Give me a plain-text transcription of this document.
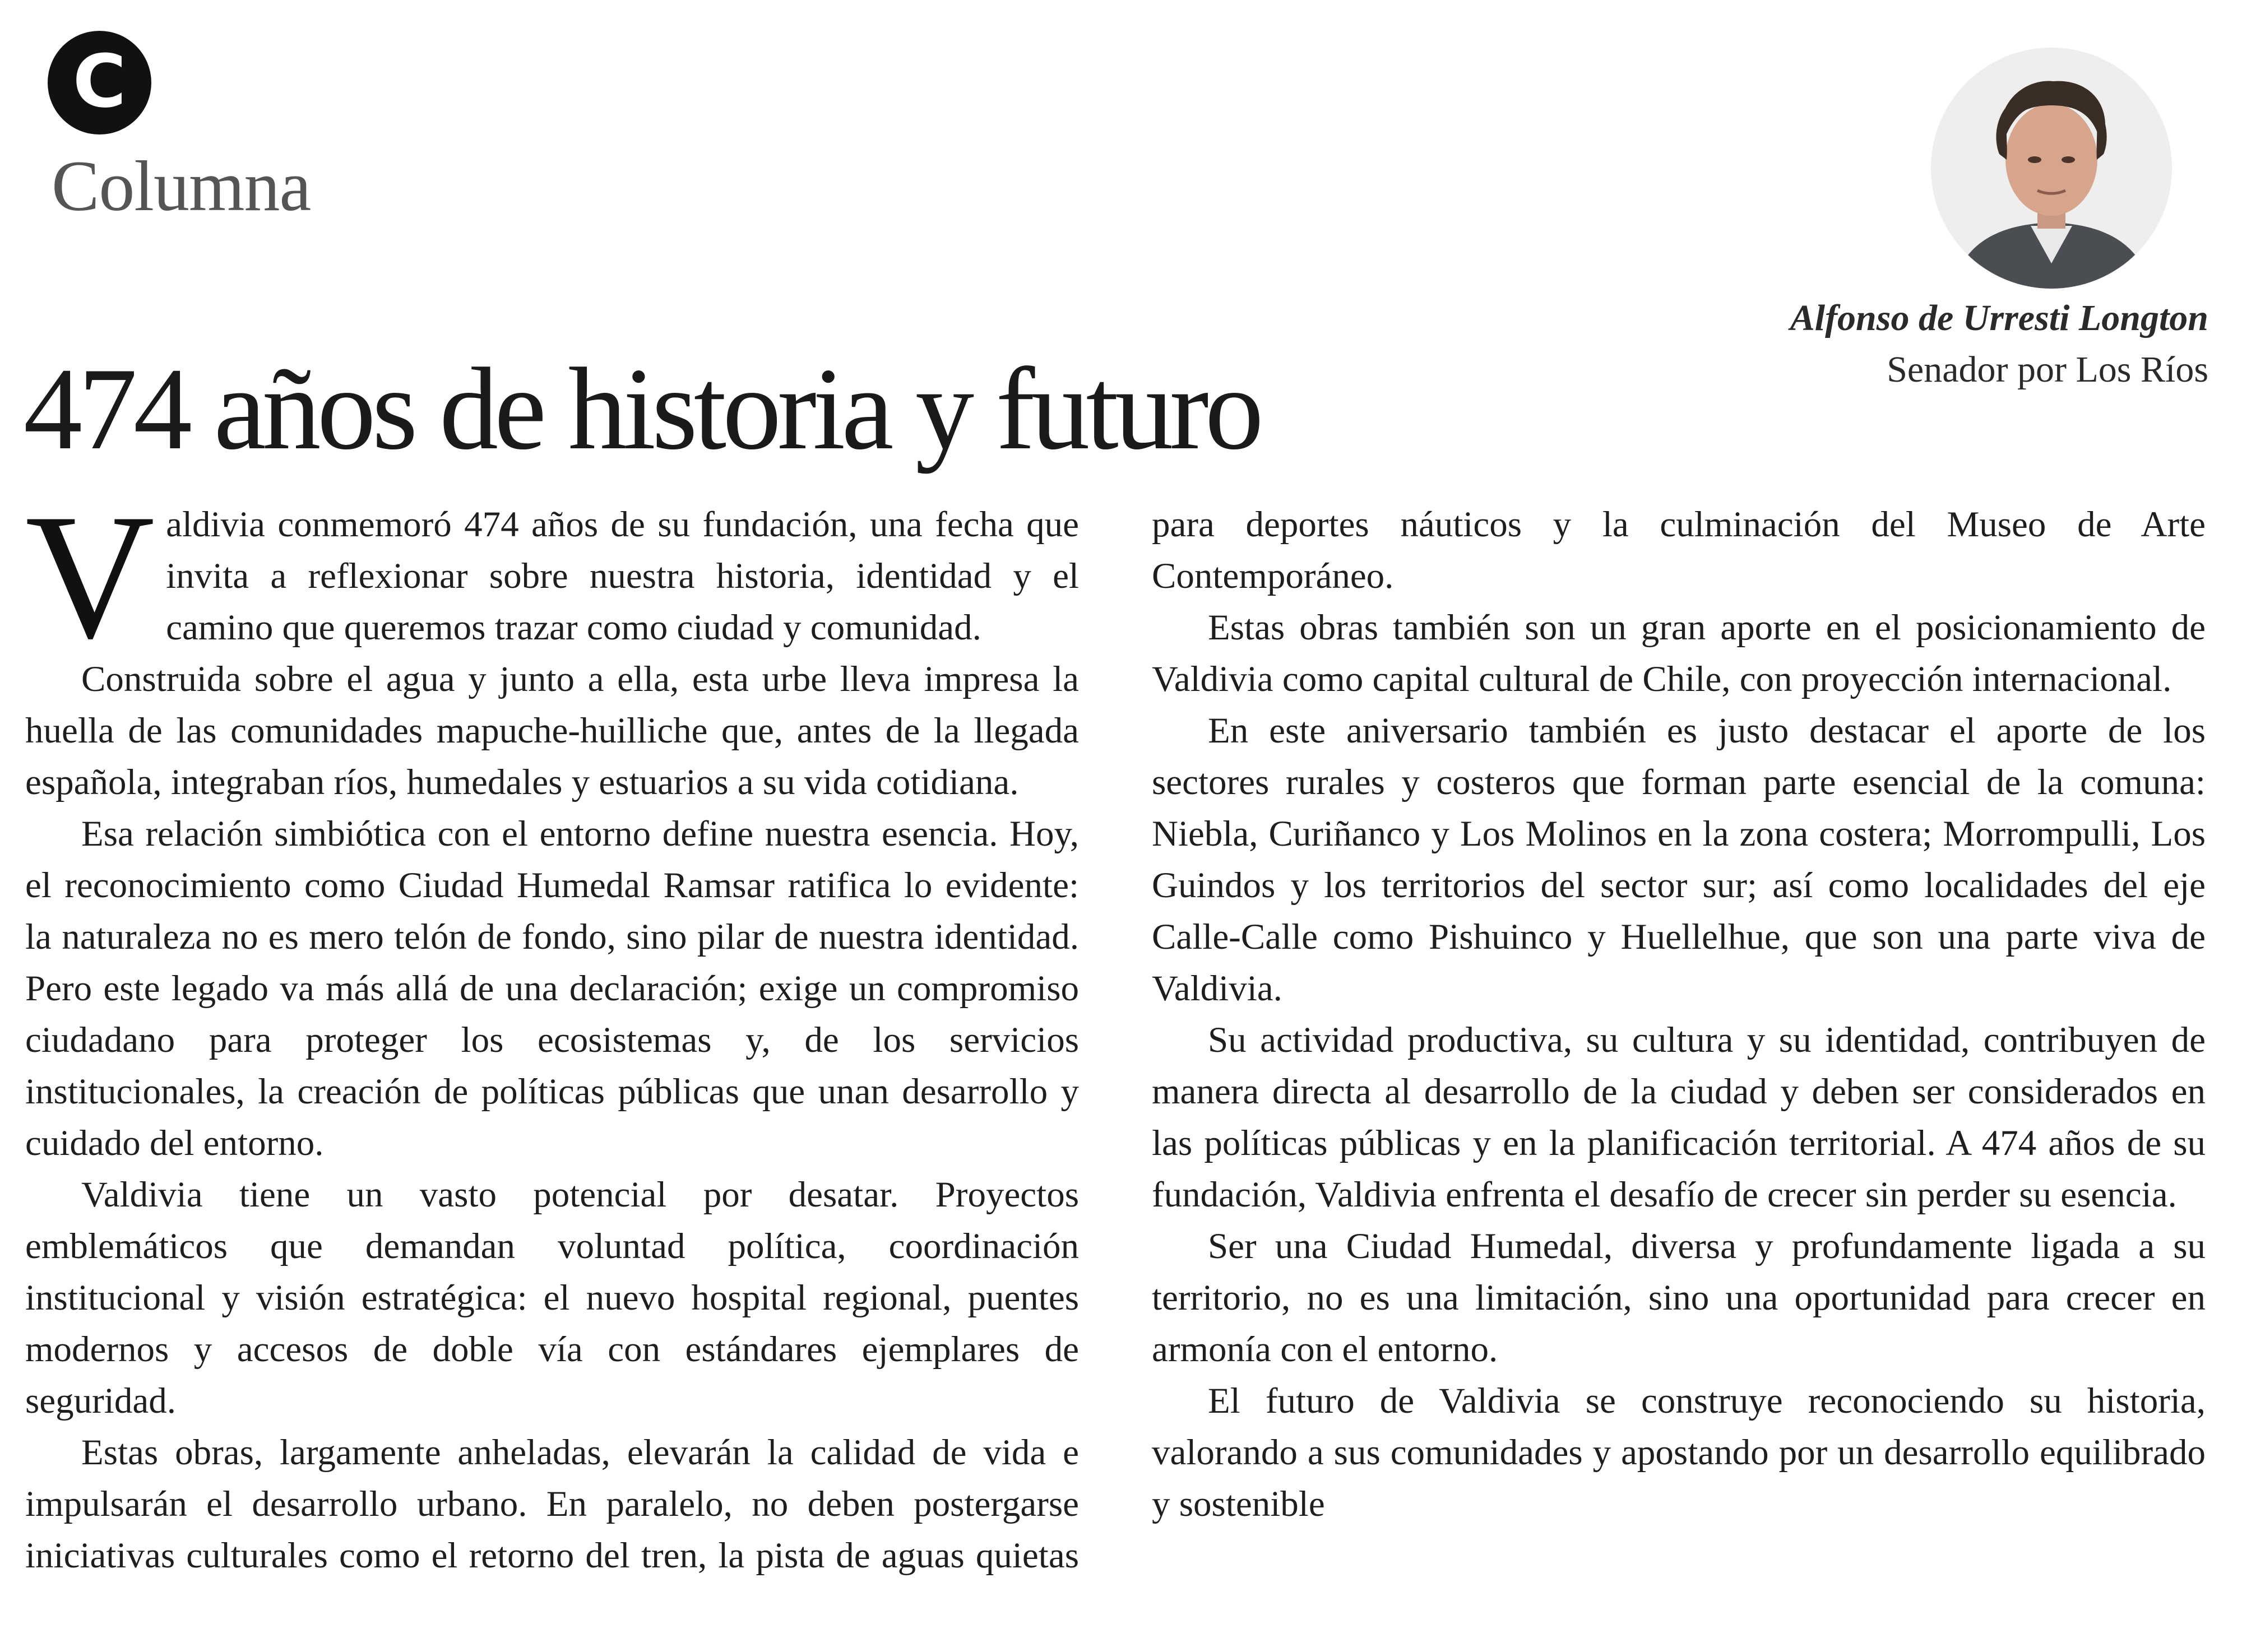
C
Columna
Alfonso de Urresti Longton
Senador por Los Ríos
474 años de historia y futuro

Valdivia conmemoró 474 años de su fundación, una fecha que invita a reflexionar sobre nuestra historia, identidad y el camino que queremos trazar como ciudad y comunidad.

Construida sobre el agua y junto a ella, esta urbe lleva impresa la huella de las comunidades mapuche-huilliche que, antes de la llegada española, integraban ríos, humedales y estuarios a su vida cotidiana.

Esa relación simbiótica con el entorno define nuestra esencia. Hoy, el reconocimiento como Ciudad Humedal Ramsar ratifica lo evidente: la naturaleza no es mero telón de fondo, sino pilar de nuestra identidad. Pero este legado va más allá de una declaración; exige un compromiso ciudadano para proteger los ecosistemas y, de los servicios institucionales, la creación de políticas públicas que unan desarrollo y cuidado del entorno.

Valdivia tiene un vasto potencial por desatar. Proyectos emblemáticos que demandan voluntad política, coordinación institucional y visión estratégica: el nuevo hospital regional, puentes modernos y accesos de doble vía con estándares ejemplares de seguridad.

Estas obras, largamente anheladas, elevarán la calidad de vida e impulsarán el desarrollo urbano. En paralelo, no deben postergarse iniciativas culturales como el retorno del tren, la pista de aguas quietas para deportes náuticos y la culminación del Museo de Arte Contemporáneo.

Estas obras también son un gran aporte en el posicionamiento de Valdivia como capital cultural de Chile, con proyección internacional.

En este aniversario también es justo destacar el aporte de los sectores rurales y costeros que forman parte esencial de la comuna: Niebla, Curiñanco y Los Molinos en la zona costera; Morrompulli, Los Guindos y los territorios del sector sur; así como localidades del eje Calle-Calle como Pishuinco y Huellelhue, que son una parte viva de Valdivia.

Su actividad productiva, su cultura y su identidad, contribuyen de manera directa al desarrollo de la ciudad y deben ser considerados en las políticas públicas y en la planificación territorial. A 474 años de su fundación, Valdivia enfrenta el desafío de crecer sin perder su esencia.

Ser una Ciudad Humedal, diversa y profundamente ligada a su territorio, no es una limitación, sino una oportunidad para crecer en armonía con el entorno.

El futuro de Valdivia se construye reconociendo su historia, valorando a sus comunidades y apostando por un desarrollo equilibrado y sostenible
